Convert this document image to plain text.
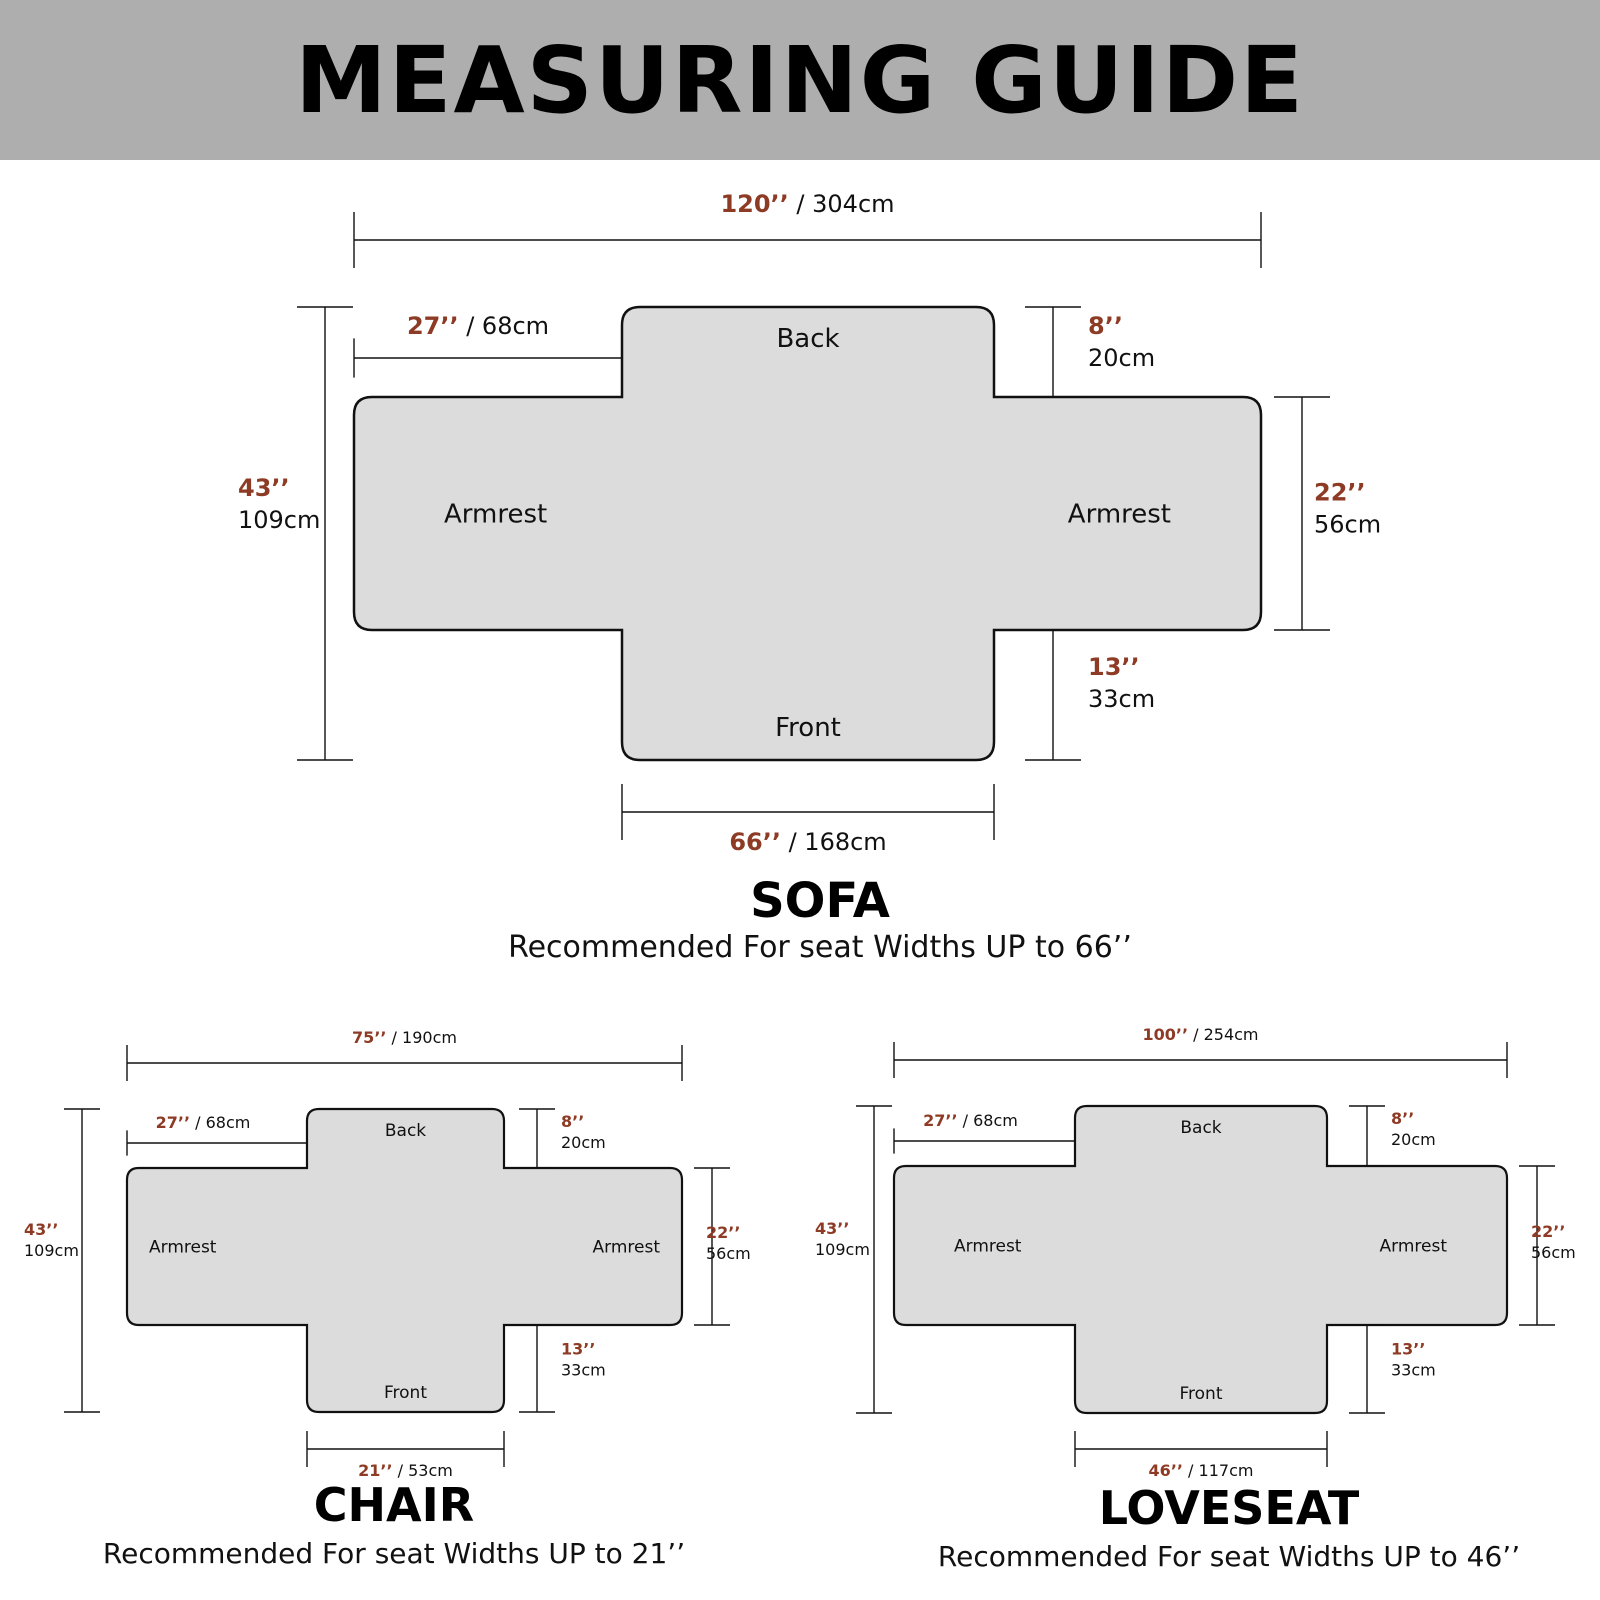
MEASURING GUIDE
Back
Front
Armrest	Armrest
120’’ / 304cm
27’’ / 68cm
43’’
109cm
8’’
20cm
13’’
33cm
22’’
56cm
66’’ / 168cm
SOFA
Recommended For seat Widths UP to 66’’
Back
Front
Armrest	Armrest
75’’ / 190cm
27’’ / 68cm
43’’
109cm
8’’
20cm
13’’
33cm
22’’
56cm
21’’ / 53cm
CHAIR
Recommended For seat Widths UP to 21’’
Back
Front
Armrest	Armrest
100’’ / 254cm
27’’ / 68cm
43’’
109cm
8’’
20cm
13’’
33cm
22’’
56cm
46’’ / 117cm
LOVESEAT
Recommended For seat Widths UP to 46’’
